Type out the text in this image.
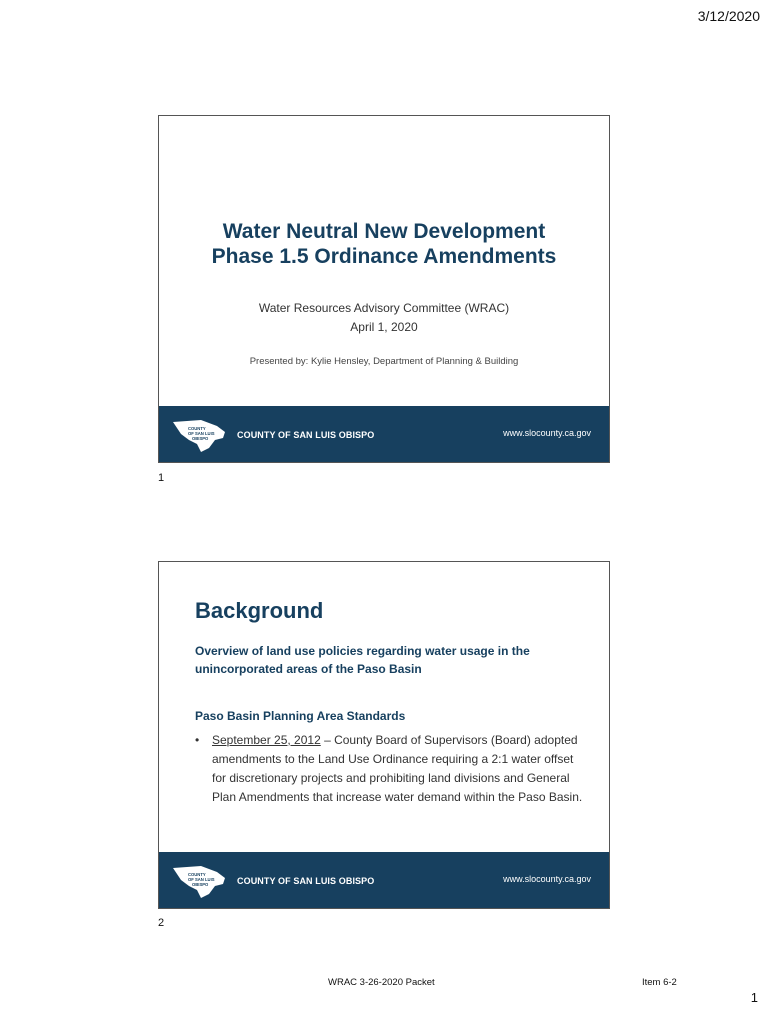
3/12/2020
Water Neutral New Development
Phase 1.5 Ordinance Amendments
Water Resources Advisory Committee (WRAC)
April 1, 2020
Presented by: Kylie Hensley, Department of Planning & Building
COUNTY
OF SAN LUIS
OBISPO	COUNTY OF SAN LUIS OBISPO	www.slocounty.ca.gov
1
Background
Overview of land use policies regarding water usage in the unincorporated areas of the Paso Basin
Paso Basin Planning Area Standards
• September 25, 2012 – County Board of Supervisors (Board) adopted amendments to the Land Use Ordinance requiring a 2:1 water offset for discretionary projects and prohibiting land divisions and General Plan Amendments that increase water demand within the Paso Basin.
COUNTY
OF SAN LUIS
OBISPO	COUNTY OF SAN LUIS OBISPO	www.slocounty.ca.gov
2
WRAC 3-26-2020 Packet	Item 6-2
1
